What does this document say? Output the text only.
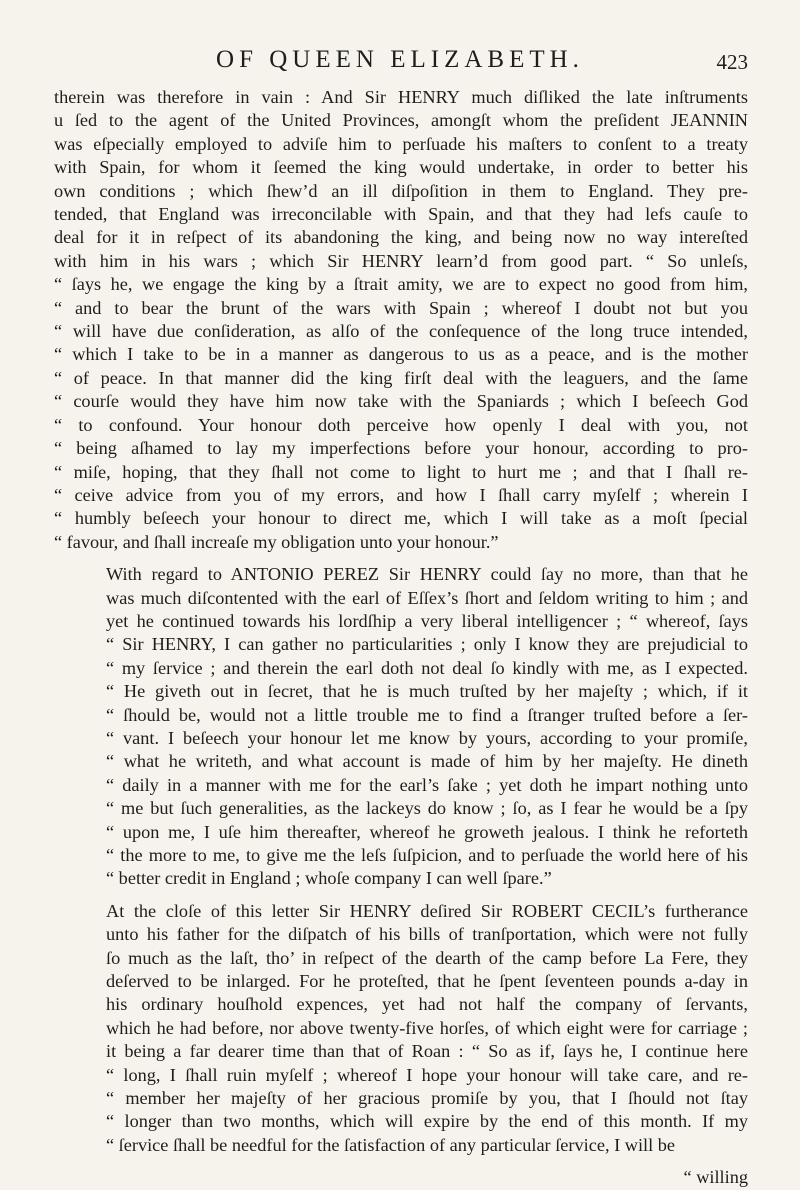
OF QUEEN ELIZABETH.	423
therein was therefore in vain : And Sir HENRY much diſliked the late inſtruments
u ſed to the agent of the United Provinces, amongſt whom the preſident JEANNIN
was eſpecially employed to adviſe him to perſuade his maſters to conſent to a treaty
with Spain, for whom it ſeemed the king would undertake, in order to better his
own conditions ; which ſhew’d an ill diſpoſition in them to England. They pre-
tended, that England was irreconcilable with Spain, and that they had lefs cauſe to
deal for it in reſpect of its abandoning the king, and being now no way intereſted
with him in his wars ; which Sir HENRY learn’d from good part. “ So unleſs,
“ ſays he, we engage the king by a ſtrait amity, we are to expect no good from him,
“ and to bear the brunt of the wars with Spain ; whereof I doubt not but you
“ will have due conſideration, as alſo of the conſequence of the long truce intended,
“ which I take to be in a manner as dangerous to us as a peace, and is the mother
“ of peace. In that manner did the king firſt deal with the leaguers, and the ſame
“ courſe would they have him now take with the Spaniards ; which I beſeech God
“ to confound. Your honour doth perceive how openly I deal with you, not
“ being aſhamed to lay my imperfections before your honour, according to pro-
“ miſe, hoping, that they ſhall not come to light to hurt me ; and that I ſhall re-
“ ceive advice from you of my errors, and how I ſhall carry myſelf ; wherein I
“ humbly beſeech your honour to direct me, which I will take as a moſt ſpecial
“ favour, and ſhall increaſe my obligation unto your honour.”
With regard to ANTONIO PEREZ Sir HENRY could ſay no more, than that he
was much diſcontented with the earl of Eſſex’s ſhort and ſeldom writing to him ; and
yet he continued towards his lordſhip a very liberal intelligencer ; “ whereof, ſays
“ Sir HENRY, I can gather no particularities ; only I know they are prejudicial to
“ my ſervice ; and therein the earl doth not deal ſo kindly with me, as I expected.
“ He giveth out in ſecret, that he is much truſted by her majeſty ; which, if it
“ ſhould be, would not a little trouble me to find a ſtranger truſted before a ſer-
“ vant. I beſeech your honour let me know by yours, according to your promiſe,
“ what he writeth, and what account is made of him by her majeſty. He dineth
“ daily in a manner with me for the earl’s ſake ; yet doth he impart nothing unto
“ me but ſuch generalities, as the lackeys do know ; ſo, as I fear he would be a ſpy
“ upon me, I uſe him thereafter, whereof he groweth jealous. I think he reforteth
“ the more to me, to give me the leſs ſuſpicion, and to perſuade the world here of his
“ better credit in England ; whoſe company I can well ſpare.”
At the cloſe of this letter Sir HENRY deſired Sir ROBERT CECIL’s furtherance
unto his father for the diſpatch of his bills of tranſportation, which were not fully
ſo much as the laſt, tho’ in reſpect of the dearth of the camp before La Fere, they
deſerved to be inlarged. For he proteſted, that he ſpent ſeventeen pounds a-day in
his ordinary houſhold expences, yet had not half the company of ſervants,
which he had before, nor above twenty-five horſes, of which eight were for carriage ;
it being a far dearer time than that of Roan : “ So as if, ſays he, I continue here
“ long, I ſhall ruin myſelf ; whereof I hope your honour will take care, and re-
“ member her majeſty of her gracious promiſe by you, that I ſhould not ſtay
“ longer than two months, which will expire by the end of this month. If my
“ ſervice ſhall be needful for the ſatisfaction of any particular ſervice, I will be
“ willing
